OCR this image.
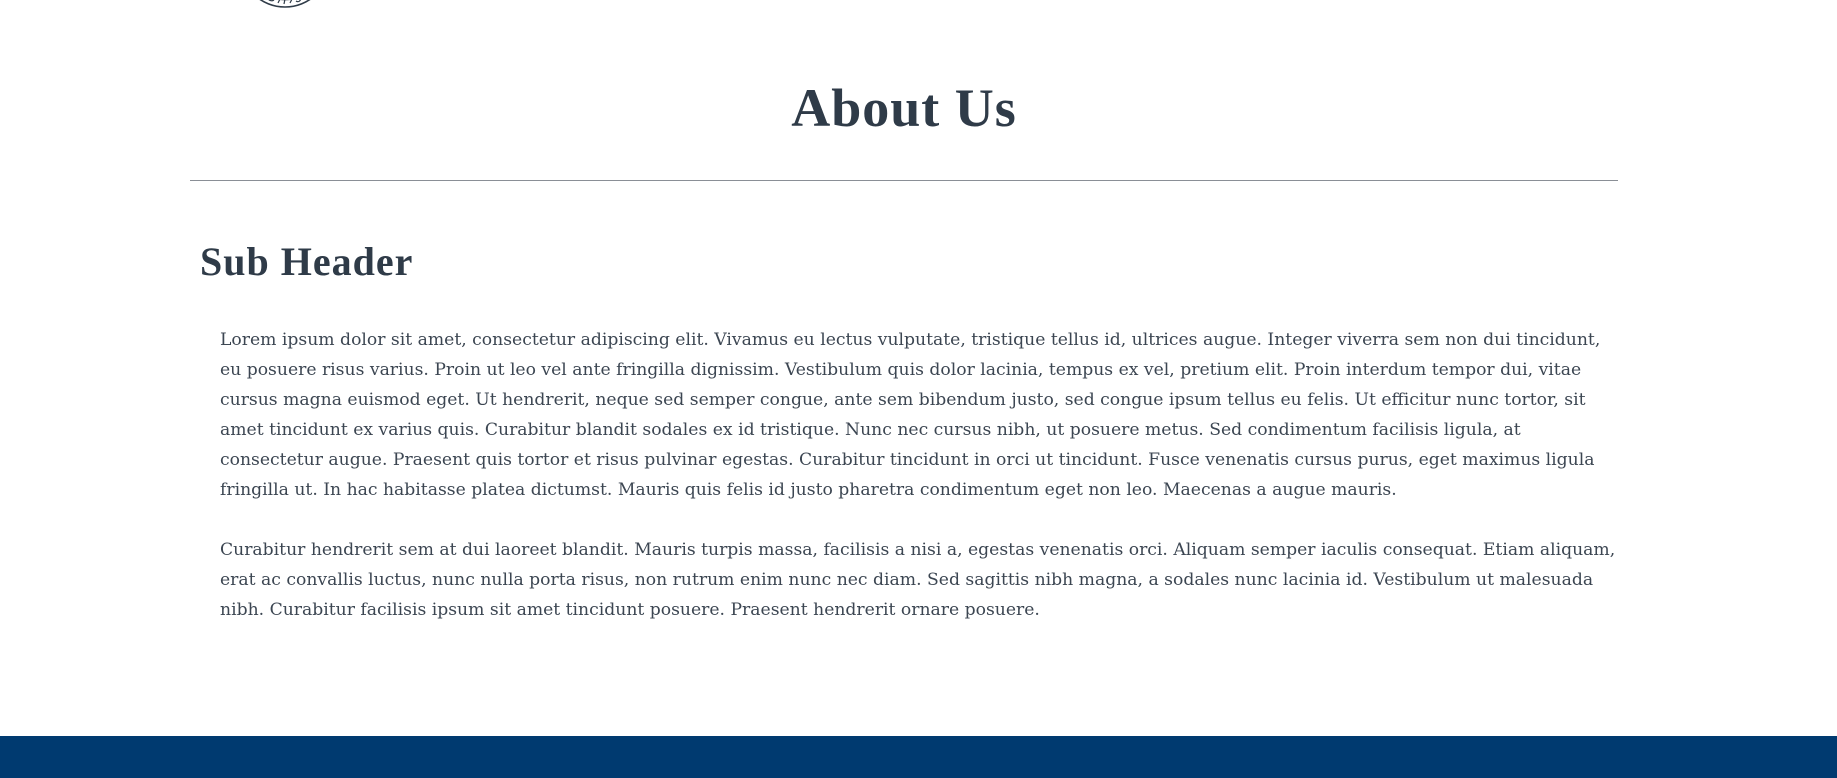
About Us
Sub Header

Lorem ipsum dolor sit amet, consectetur adipiscing elit. Vivamus eu lectus vulputate, tristique tellus id, ultrices augue. Integer viverra sem non dui tincidunt, eu posuere risus varius. Proin ut leo vel ante fringilla dignissim. Vestibulum quis dolor lacinia, tempus ex vel, pretium elit. Proin interdum tempor dui, vitae cursus magna euismod eget. Ut hendrerit, neque sed semper congue, ante sem bibendum justo, sed congue ipsum tellus eu felis. Ut efficitur nunc tortor, sit amet tincidunt ex varius quis. Curabitur blandit sodales ex id tristique. Nunc nec cursus nibh, ut posuere metus. Sed condimentum facilisis ligula, at consectetur augue. Praesent quis tortor et risus pulvinar egestas. Curabitur tincidunt in orci ut tincidunt. Fusce venenatis cursus purus, eget maximus ligula fringilla ut. In hac habitasse platea dictumst. Mauris quis felis id justo pharetra condimentum eget non leo. Maecenas a augue mauris.

Curabitur hendrerit sem at dui laoreet blandit. Mauris turpis massa, facilisis a nisi a, egestas venenatis orci. Aliquam semper iaculis consequat. Etiam aliquam, erat ac convallis luctus, nunc nulla porta risus, non rutrum enim nunc nec diam. Sed sagittis nibh magna, a sodales nunc lacinia id. Vestibulum ut malesuada nibh. Curabitur facilisis ipsum sit amet tincidunt posuere. Praesent hendrerit ornare posuere.
